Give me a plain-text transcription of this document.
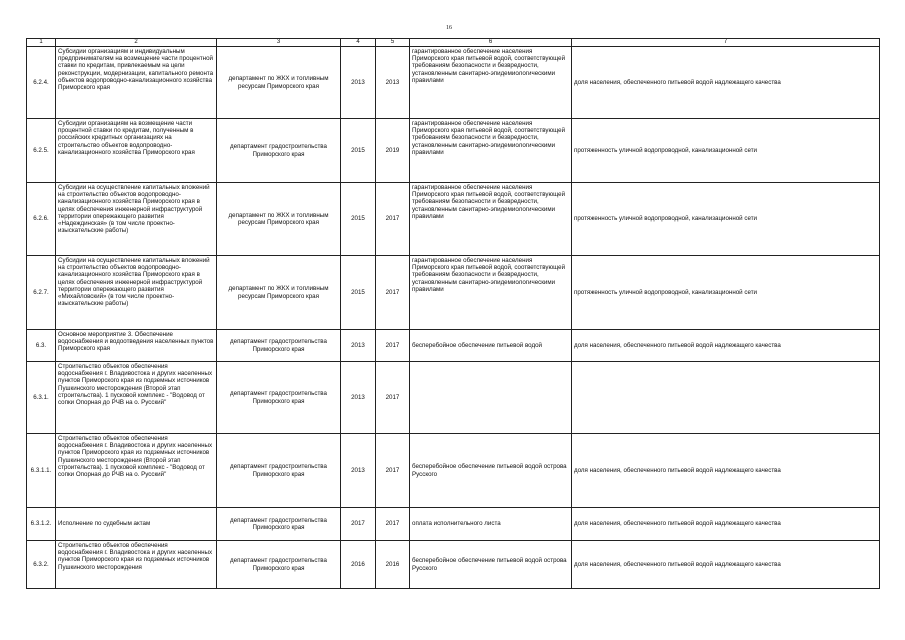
16
1	2	3	4	5	6	7
6.2.4.	Субсидии организациям и индивидуальным предпринимателям на возмещение части процентной ставки по кредитам, привлекаемым на цели реконструкции, модернизации, капитального ремонта объектов водопроводно-канализационного хозяйства Приморского края	департамент по ЖКХ и топливным ресурсам Приморского края	2013	2013	гарантированное обеспечение населения Приморского края питьевой водой, соответствующей требованиям безопасности и безвредности, установленным санитарно-эпидемиологическими правилами	доля населения, обеспеченного питьевой водой надлежащего качества
6.2.5.	Субсидии организациям на возмещение части процентной ставки по кредитам, полученным в российских кредитных организациях на строительство объектов водопроводно-канализационного хозяйства Приморского края	департамент градостроительства Приморского края	2015	2019	гарантированное обеспечение населения Приморского края питьевой водой, соответствующей требованиям безопасности и безвредности, установленным санитарно-эпидемиологическими правилами	протяженность уличной водопроводной, канализационной сети
6.2.6.	Субсидии на осуществление капитальных вложений на строительство объектов водопроводно-канализационного хозяйства Приморского края в целях обеспечения инженерной инфраструктурой территории опережающего развития «Надеждинская» (в том числе проектно-изыскательские работы)	департамент по ЖКХ и топливным ресурсам Приморского края	2015	2017	гарантированное обеспечение населения Приморского края питьевой водой, соответствующей требованиям безопасности и безвредности, установленным санитарно-эпидемиологическими правилами	протяженность уличной водопроводной, канализационной сети
6.2.7.	Субсидии на осуществление капитальных вложений на строительство объектов водопроводно-канализационного хозяйства Приморского края в целях обеспечения инженерной инфраструктурой территории опережающего развития «Михайловский» (в том числе проектно-изыскательские работы)	департамент по ЖКХ и топливным ресурсам Приморского края	2015	2017	гарантированное обеспечение населения Приморского края питьевой водой, соответствующей требованиям безопасности и безвредности, установленным санитарно-эпидемиологическими правилами	протяженность уличной водопроводной, канализационной сети
6.3.	Основное мероприятие 3. Обеспечение водоснабжения и водоотведения населенных пунктов Приморского края	департамент градостроительства Приморского края	2013	2017	бесперебойное обеспечение питьевой водой	доля населения, обеспеченного питьевой водой надлежащего качества
6.3.1.	Строительство объектов обеспечения водоснабжения г. Владивостока и других населенных пунктов Приморского края из подземных источников Пушкинского месторождения (Второй этап строительства). 1 пусковой комплекс - "Водовод от сопки Опорная до РЧВ на о. Русский"	департамент градостроительства Приморского края	2013	2017		
6.3.1.1.	Строительство объектов обеспечения водоснабжения г. Владивостока и других населенных пунктов Приморского края из подземных источников Пушкинского месторождения (Второй этап строительства). 1 пусковой комплекс - "Водовод от сопки Опорная до РЧВ на о. Русский"	департамент градостроительства Приморского края	2013	2017	бесперебойное обеспечение питьевой водой острова Русского	доля населения, обеспеченного питьевой водой надлежащего качества
6.3.1.2.	Исполнение по судебным актам	департамент градостроительства Приморского края	2017	2017	оплата исполнительного листа	доля населения, обеспеченного питьевой водой надлежащего качества
6.3.2.	Строительство объектов обеспечения водоснабжения г. Владивостока и других населенных пунктов Приморского края из подземных источников Пушкинского месторождения	департамент градостроительства Приморского края	2016	2016	бесперебойное обеспечение питьевой водой острова Русского	доля населения, обеспеченного питьевой водой надлежащего качества
